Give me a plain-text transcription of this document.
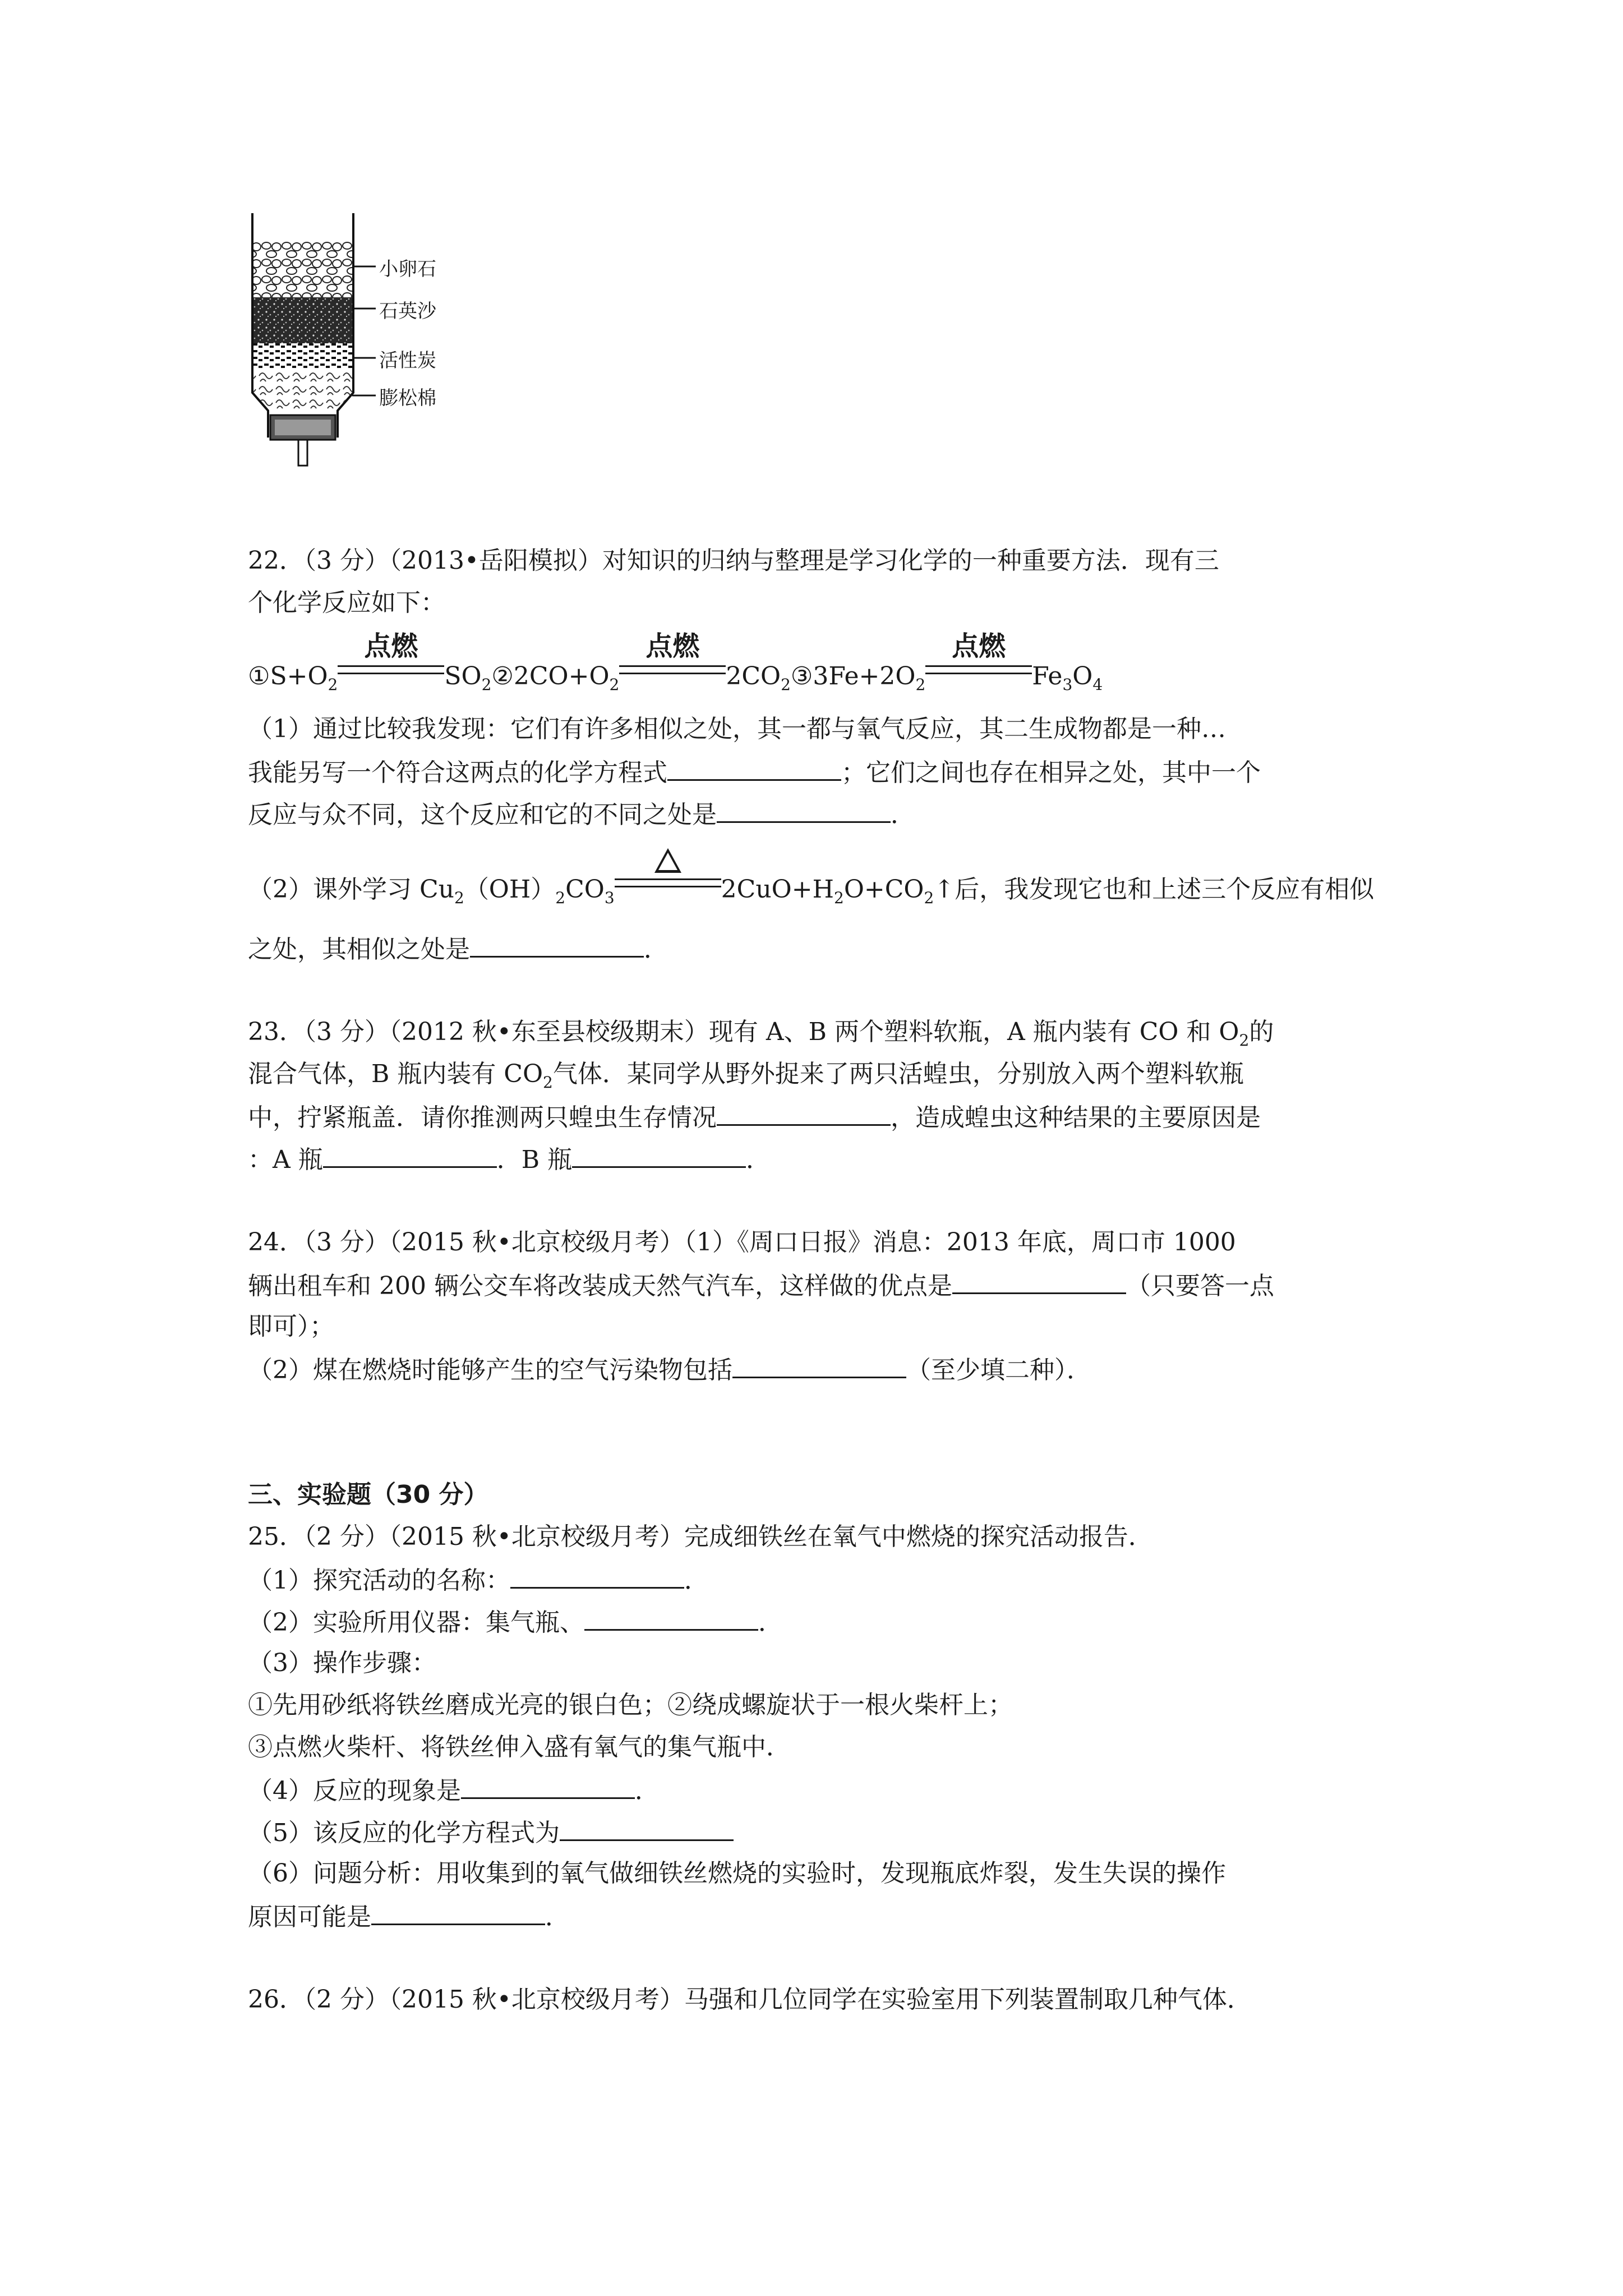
小卵石
石英沙
活性炭
膨松棉
22．（3 分）（2013•岳阳模拟）对知识的归纳与整理是学习化学的一种重要方法．现有三
个化学反应如下：
$①S+O_2$
点燃
$SO_2②2CO+O_2$
点燃
$2CO_2③3Fe+2O_2$
点燃
$Fe_3O_4$
（1）通过比较我发现：它们有许多相似之处，其一都与氧气反应，其二生成物都是一种…
我能另写一个符合这两点的化学方程式	；它们之间也存在相异之处，其中一个
反应与众不同，这个反应和它的不同之处是	．
（2）课外学习 $Cu_2(OH)_2CO_3$	$2CuO+H_2O+CO_2↑$后，我发现它也和上述三个反应有相似
之处，其相似之处是	．
23．（3 分）（2012 秋•东至县校级期末）现有 A、B 两个塑料软瓶，A 瓶内装有 CO 和 $O_2$的
混合气体，B 瓶内装有 $CO_2$气体．某同学从野外捉来了两只活蝗虫，分别放入两个塑料软瓶
中，拧紧瓶盖．请你推测两只蝗虫生存情况	，造成蝗虫这种结果的主要原因是
：A 瓶	．B 瓶	．
24．（3 分）（2015 秋•北京校级月考）（1）《周口日报》消息：2013 年底，周口市 1000
辆出租车和 200 辆公交车将改装成天然气汽车，这样做的优点是	（只要答一点
即可）；
（2）煤在燃烧时能够产生的空气污染物包括	（至少填二种）．
三、实验题（30 分）
25．（2 分）（2015 秋•北京校级月考）完成细铁丝在氧气中燃烧的探究活动报告．
（1）探究活动的名称：	．
（2）实验所用仪器：集气瓶、	．
（3）操作步骤：
①先用砂纸将铁丝磨成光亮的银白色；②绕成螺旋状于一根火柴杆上；
③点燃火柴杆、将铁丝伸入盛有氧气的集气瓶中．
（4）反应的现象是	．
（5）该反应的化学方程式为
（6）问题分析：用收集到的氧气做细铁丝燃烧的实验时，发现瓶底炸裂，发生失误的操作
原因可能是	．
26．（2 分）（2015 秋•北京校级月考）马强和几位同学在实验室用下列装置制取几种气体．
